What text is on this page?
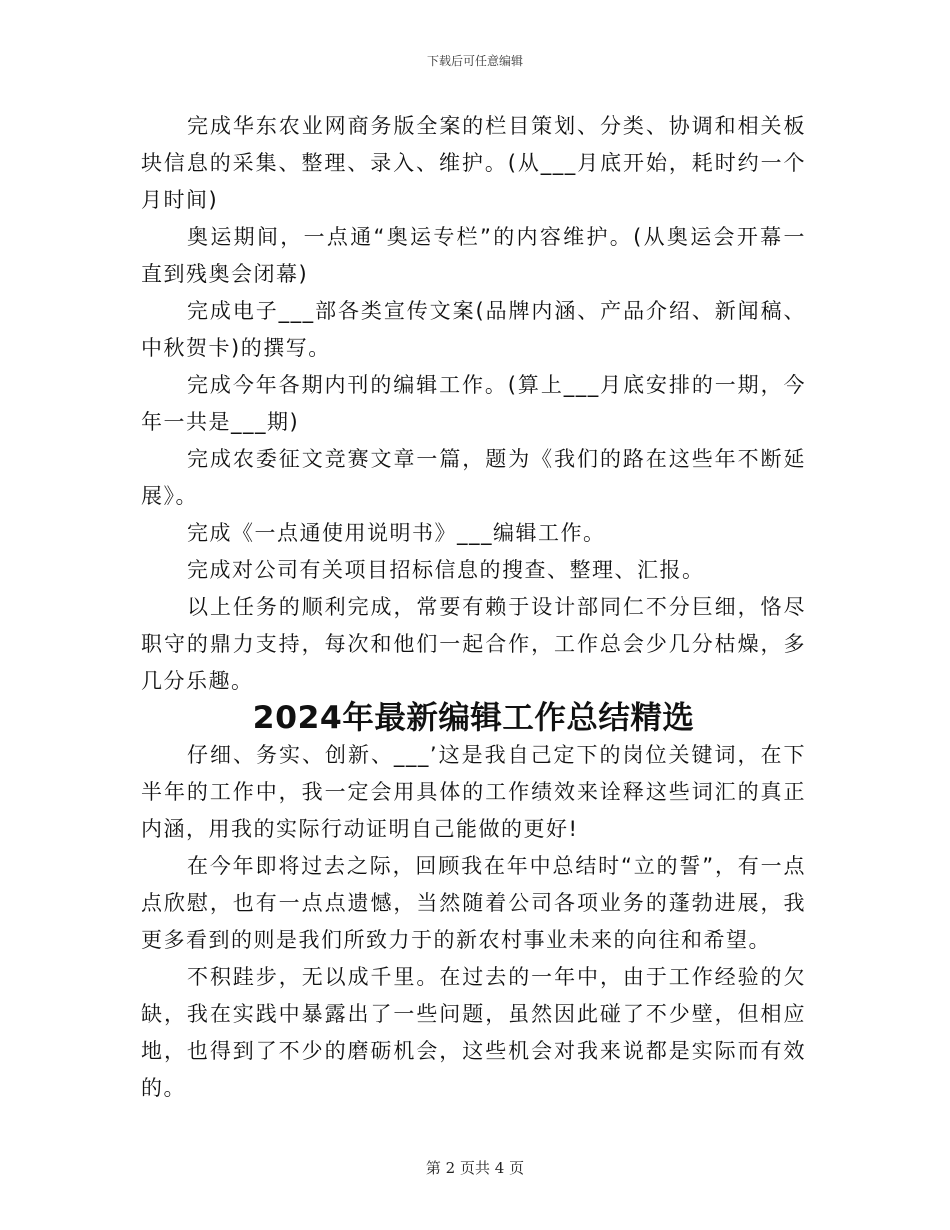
下载后可任意编辑

完成华东农业网商务版全案的栏目策划、分类、协调和相关板块信息的采集、整理、录入、维护。(从___月底开始，耗时约一个月时间)

奥运期间，一点通“奥运专栏”的内容维护。(从奥运会开幕一直到残奥会闭幕)

完成电子___部各类宣传文案(品牌内涵、产品介绍、新闻稿、中秋贺卡)的撰写。

完成今年各期内刊的编辑工作。(算上___月底安排的一期，今年一共是___期)

完成农委征文竞赛文章一篇，题为《我们的路在这些年不断延展》。

完成《一点通使用说明书》___编辑工作。

完成对公司有关项目招标信息的搜查、整理、汇报。

以上任务的顺利完成，常要有赖于设计部同仁不分巨细，恪尽职守的鼎力支持，每次和他们一起合作，工作总会少几分枯燥，多几分乐趣。

2024年最新编辑工作总结精选

仔细、务实、创新、___’这是我自己定下的岗位关键词，在下半年的工作中，我一定会用具体的工作绩效来诠释这些词汇的真正内涵，用我的实际行动证明自己能做的更好!

在今年即将过去之际，回顾我在年中总结时“立的誓”，有一点点欣慰，也有一点点遗憾，当然随着公司各项业务的蓬勃进展，我更多看到的则是我们所致力于的新农村事业未来的向往和希望。

不积跬步，无以成千里。在过去的一年中，由于工作经验的欠缺，我在实践中暴露出了一些问题，虽然因此碰了不少壁，但相应地，也得到了不少的磨砺机会，这些机会对我来说都是实际而有效的。

第 2 页共 4 页
